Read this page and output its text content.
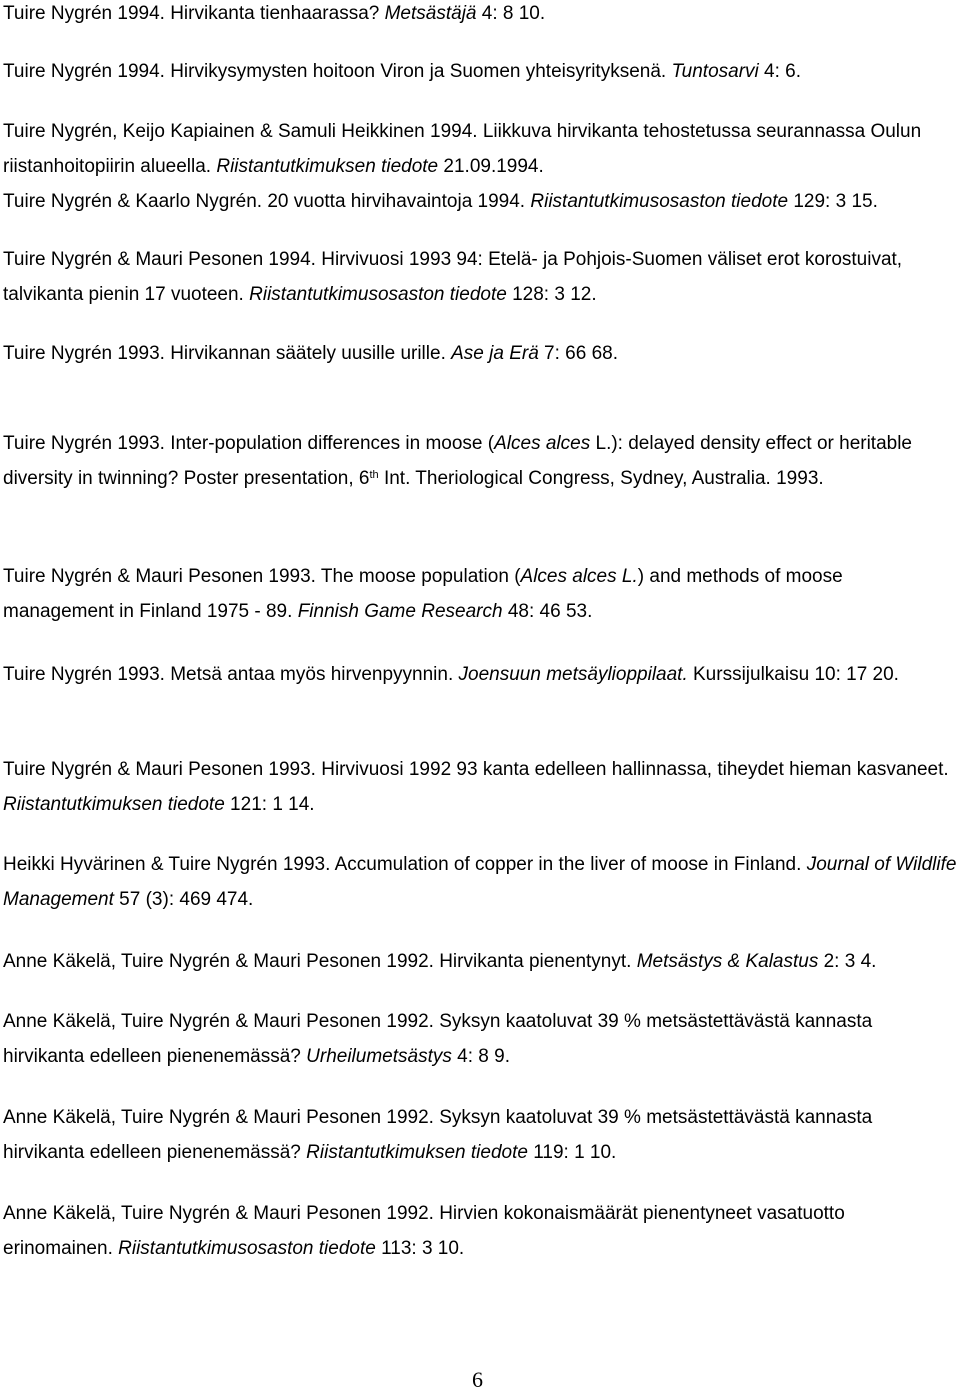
Tuire Nygrén 1994. Hirvikanta tienhaarassa? Metsästäjä 4: 8 10.
Tuire Nygrén 1994. Hirvikysymysten hoitoon Viron ja Suomen yhteisyrityksenä. Tuntosarvi 4: 6.
Tuire Nygrén, Keijo Kapiainen & Samuli Heikkinen 1994. Liikkuva hirvikanta tehostetussa seurannassa Oulun riistanhoitopiirin alueella. Riistantutkimuksen tiedote 21.09.1994.
Tuire Nygrén & Kaarlo Nygrén. 20 vuotta hirvihavaintoja 1994. Riistantutkimusosaston tiedote 129: 3 15.
Tuire Nygrén & Mauri Pesonen 1994. Hirvivuosi 1993 94: Etelä- ja Pohjois-Suomen väliset erot korostuivat, talvikanta pienin 17 vuoteen. Riistantutkimusosaston tiedote 128: 3 12.
Tuire Nygrén 1993. Hirvikannan säätely uusille urille. Ase ja Erä 7: 66 68.
Tuire Nygrén 1993. Inter-population differences in moose (Alces alces L.): delayed density effect or heritable diversity in twinning? Poster presentation, 6th Int. Theriological Congress, Sydney, Australia. 1993.
Tuire Nygrén & Mauri Pesonen 1993. The moose population (Alces alces L.) and methods of moose management in Finland 1975 - 89. Finnish Game Research 48: 46 53.
Tuire Nygrén 1993. Metsä antaa myös hirvenpyynnin. Joensuun metsäylioppilaat. Kurssijulkaisu 10: 17 20.
Tuire Nygrén & Mauri Pesonen 1993. Hirvivuosi 1992 93 kanta edelleen hallinnassa, tiheydet hieman kasvaneet. Riistantutkimuksen tiedote 121: 1 14.
Heikki Hyvärinen & Tuire Nygrén 1993. Accumulation of copper in the liver of moose in Finland. Journal of Wildlife Management 57 (3): 469 474.
Anne Käkelä, Tuire Nygrén & Mauri Pesonen 1992. Hirvikanta pienentynyt. Metsästys & Kalastus 2: 3 4.
Anne Käkelä, Tuire Nygrén & Mauri Pesonen 1992. Syksyn kaatoluvat 39 % metsästettävästä kannasta hirvikanta edelleen pienenemässä? Urheilumetsästys 4: 8 9.
Anne Käkelä, Tuire Nygrén & Mauri Pesonen 1992. Syksyn kaatoluvat 39 % metsästettävästä kannasta hirvikanta edelleen pienenemässä? Riistantutkimuksen tiedote 119: 1 10.
Anne Käkelä, Tuire Nygrén & Mauri Pesonen 1992. Hirvien kokonaismäärät pienentyneet vasatuotto erinomainen. Riistantutkimusosaston tiedote 113: 3 10.
6
